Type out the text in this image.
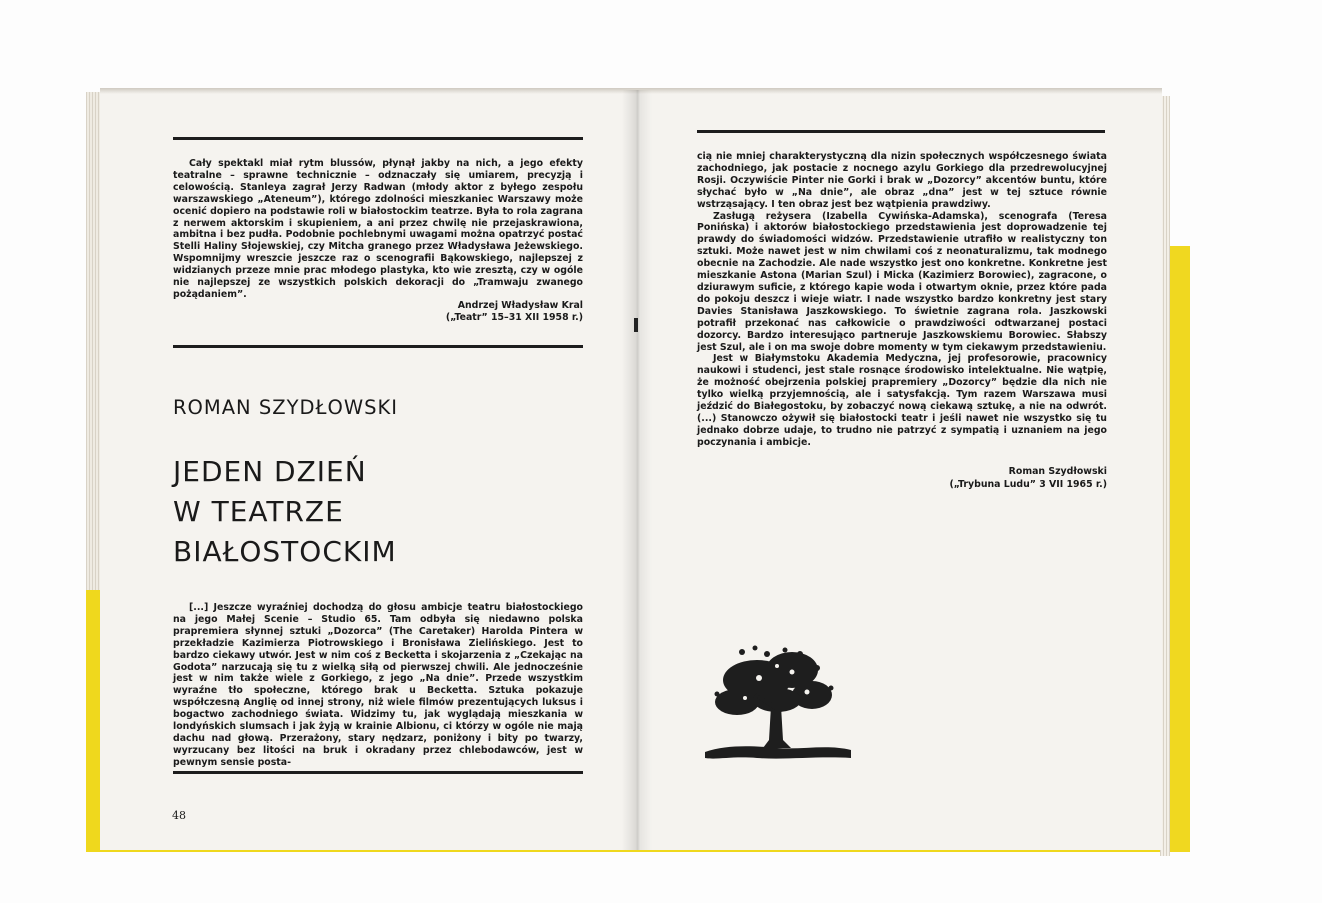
Cały spektakl miał rytm blussów, płynął jakby na nich, a jego efekty teatralne – sprawne technicznie – odznaczały się umiarem, precyzją i celowością. Stanleya zagrał Jerzy Radwan (młody aktor z byłego zespołu warszawskiego „Ateneum”), którego zdolności mieszkaniec Warszawy może ocenić dopiero na podstawie roli w białostockim teatrze. Była to rola zagrana z nerwem aktorskim i skupieniem, a ani przez chwilę nie przejaskrawiona, ambitna i bez pudła. Podobnie pochlebnymi uwagami można opatrzyć postać Stelli Haliny Słojewskiej, czy Mitcha granego przez Władysława Jeżewskiego. Wspomnijmy wreszcie jeszcze raz o scenografii Bąkowskiego, najlepszej z widzianych przeze mnie prac młodego plastyka, kto wie zresztą, czy w ogóle nie najlepszej ze wszystkich polskich dekoracji do „Tramwaju zwanego pożądaniem”.

Andrzej Władysław Kral
(„Teatr” 15–31 XII 1958 r.)
ROMAN SZYDŁOWSKI
JEDEN DZIEŃ
W TEATRZE
BIAŁOSTOCKIM

[...] Jeszcze wyraźniej dochodzą do głosu ambicje teatru białostockiego na jego Małej Scenie – Studio 65. Tam odbyła się niedawno polska prapremiera słynnej sztuki „Dozorca” (The Caretaker) Harolda Pintera w przekładzie Kazimierza Piotrowskiego i Bronisława Zielińskiego. Jest to bardzo ciekawy utwór. Jest w nim coś z Becketta i skojarzenia z „Czekając na Godota” narzucają się tu z wielką siłą od pierwszej chwili. Ale jednocześnie jest w nim także wiele z Gorkiego, z jego „Na dnie”. Przede wszystkim wyraźne tło społeczne, którego brak u Becketta. Sztuka pokazuje współczesną Anglię od innej strony, niż wiele filmów prezentujących luksus i bogactwo zachodniego świata. Widzimy tu, jak wyglądają mieszkania w londyńskich slumsach i jak żyją w krainie Albionu, ci którzy w ogóle nie mają dachu nad głową. Przerażony, stary nędzarz, poniżony i bity po twarzy, wyrzucany bez litości na bruk i okradany przez chlebodawców, jest w pewnym sensie posta-

48

cią nie mniej charakterystyczną dla nizin społecznych współczesnego świata zachodniego, jak postacie z nocnego azylu Gorkiego dla przedrewolucyjnej Rosji. Oczywiście Pinter nie Gorki i brak w „Dozorcy” akcentów buntu, które słychać było w „Na dnie”, ale obraz „dna” jest w tej sztuce równie wstrząsający. I ten obraz jest bez wątpienia prawdziwy.

Zasługą reżysera (Izabella Cywińska-Adamska), scenografa (Teresa Ponińska) i aktorów białostockiego przedstawienia jest doprowadzenie tej prawdy do świadomości widzów. Przedstawienie utrafiło w realistyczny ton sztuki. Może nawet jest w nim chwilami coś z neonaturalizmu, tak modnego obecnie na Zachodzie. Ale nade wszystko jest ono konkretne. Konkretne jest mieszkanie Astona (Marian Szul) i Micka (Kazimierz Borowiec), zagracone, o dziurawym suficie, z którego kapie woda i otwartym oknie, przez które pada do pokoju deszcz i wieje wiatr. I nade wszystko bardzo konkretny jest stary Davies Stanisława Jaszkowskiego. To świetnie zagrana rola. Jaszkowski potrafił przekonać nas całkowicie o prawdziwości odtwarzanej postaci dozorcy. Bardzo interesująco partneruje Jaszkowskiemu Borowiec. Słabszy jest Szul, ale i on ma swoje dobre momenty w tym ciekawym przedstawieniu.

Jest w Białymstoku Akademia Medyczna, jej profesorowie, pracownicy naukowi i studenci, jest stale rosnące środowisko intelektualne. Nie wątpię, że możność obejrzenia polskiej prapremiery „Dozorcy” będzie dla nich nie tylko wielką przyjemnością, ale i satysfakcją. Tym razem Warszawa musi jeździć do Białegostoku, by zobaczyć nową ciekawą sztukę, a nie na odwrót. (...) Stanowczo ożywił się białostocki teatr i jeśli nawet nie wszystko się tu jednako dobrze udaje, to trudno nie patrzyć z sympatią i uznaniem na jego poczynania i ambicje.

Roman Szydłowski
(„Trybuna Ludu” 3 VII 1965 r.)
